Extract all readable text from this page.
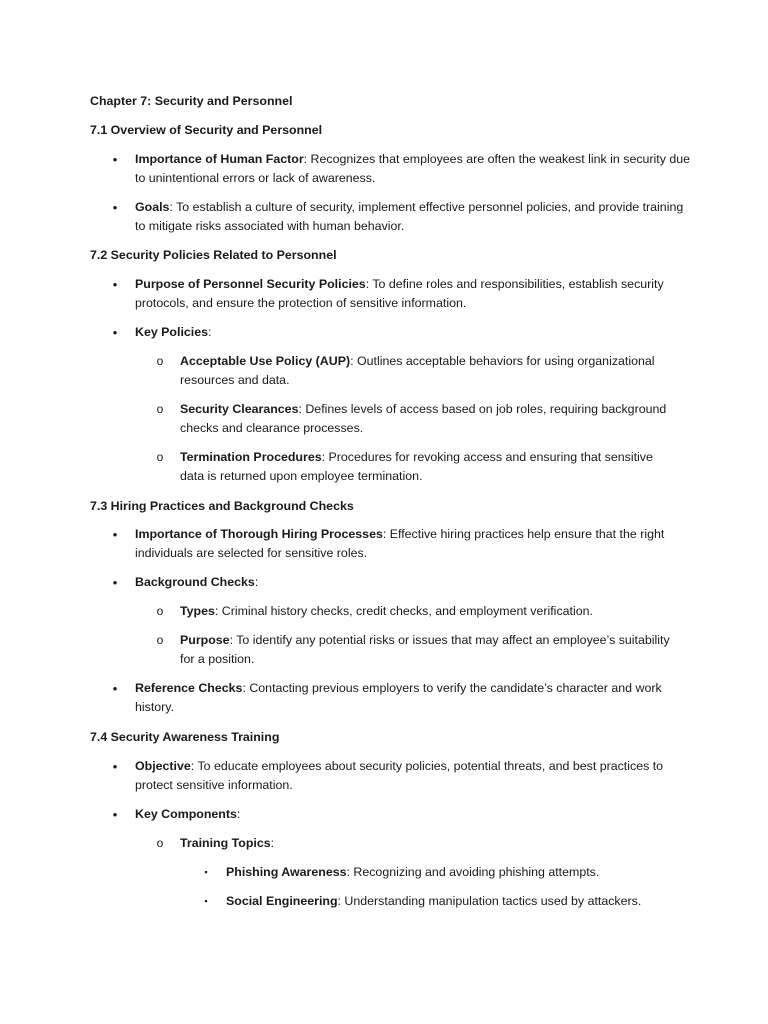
Chapter 7: Security and Personnel

7.1 Overview of Security and Personnel

•	Importance of Human Factor: Recognizes that employees are often the weakest link in security due to unintentional errors or lack of awareness.
•	Goals: To establish a culture of security, implement effective personnel policies, and provide training to mitigate risks associated with human behavior.

7.2 Security Policies Related to Personnel

•	Purpose of Personnel Security Policies: To define roles and responsibilities, establish security protocols, and ensure the protection of sensitive information.
•	Key Policies:
o	Acceptable Use Policy (AUP): Outlines acceptable behaviors for using organizational resources and data.
o	Security Clearances: Defines levels of access based on job roles, requiring background checks and clearance processes.
o	Termination Procedures: Procedures for revoking access and ensuring that sensitive data is returned upon employee termination.

7.3 Hiring Practices and Background Checks

•	Importance of Thorough Hiring Processes: Effective hiring practices help ensure that the right individuals are selected for sensitive roles.
•	Background Checks:
o	Types: Criminal history checks, credit checks, and employment verification.
o	Purpose: To identify any potential risks or issues that may affect an employee’s suitability for a position.
•	Reference Checks: Contacting previous employers to verify the candidate’s character and work history.

7.4 Security Awareness Training

•	Objective: To educate employees about security policies, potential threats, and best practices to protect sensitive information.
•	Key Components:
o	Training Topics:
▪	Phishing Awareness: Recognizing and avoiding phishing attempts.
▪	Social Engineering: Understanding manipulation tactics used by attackers.
